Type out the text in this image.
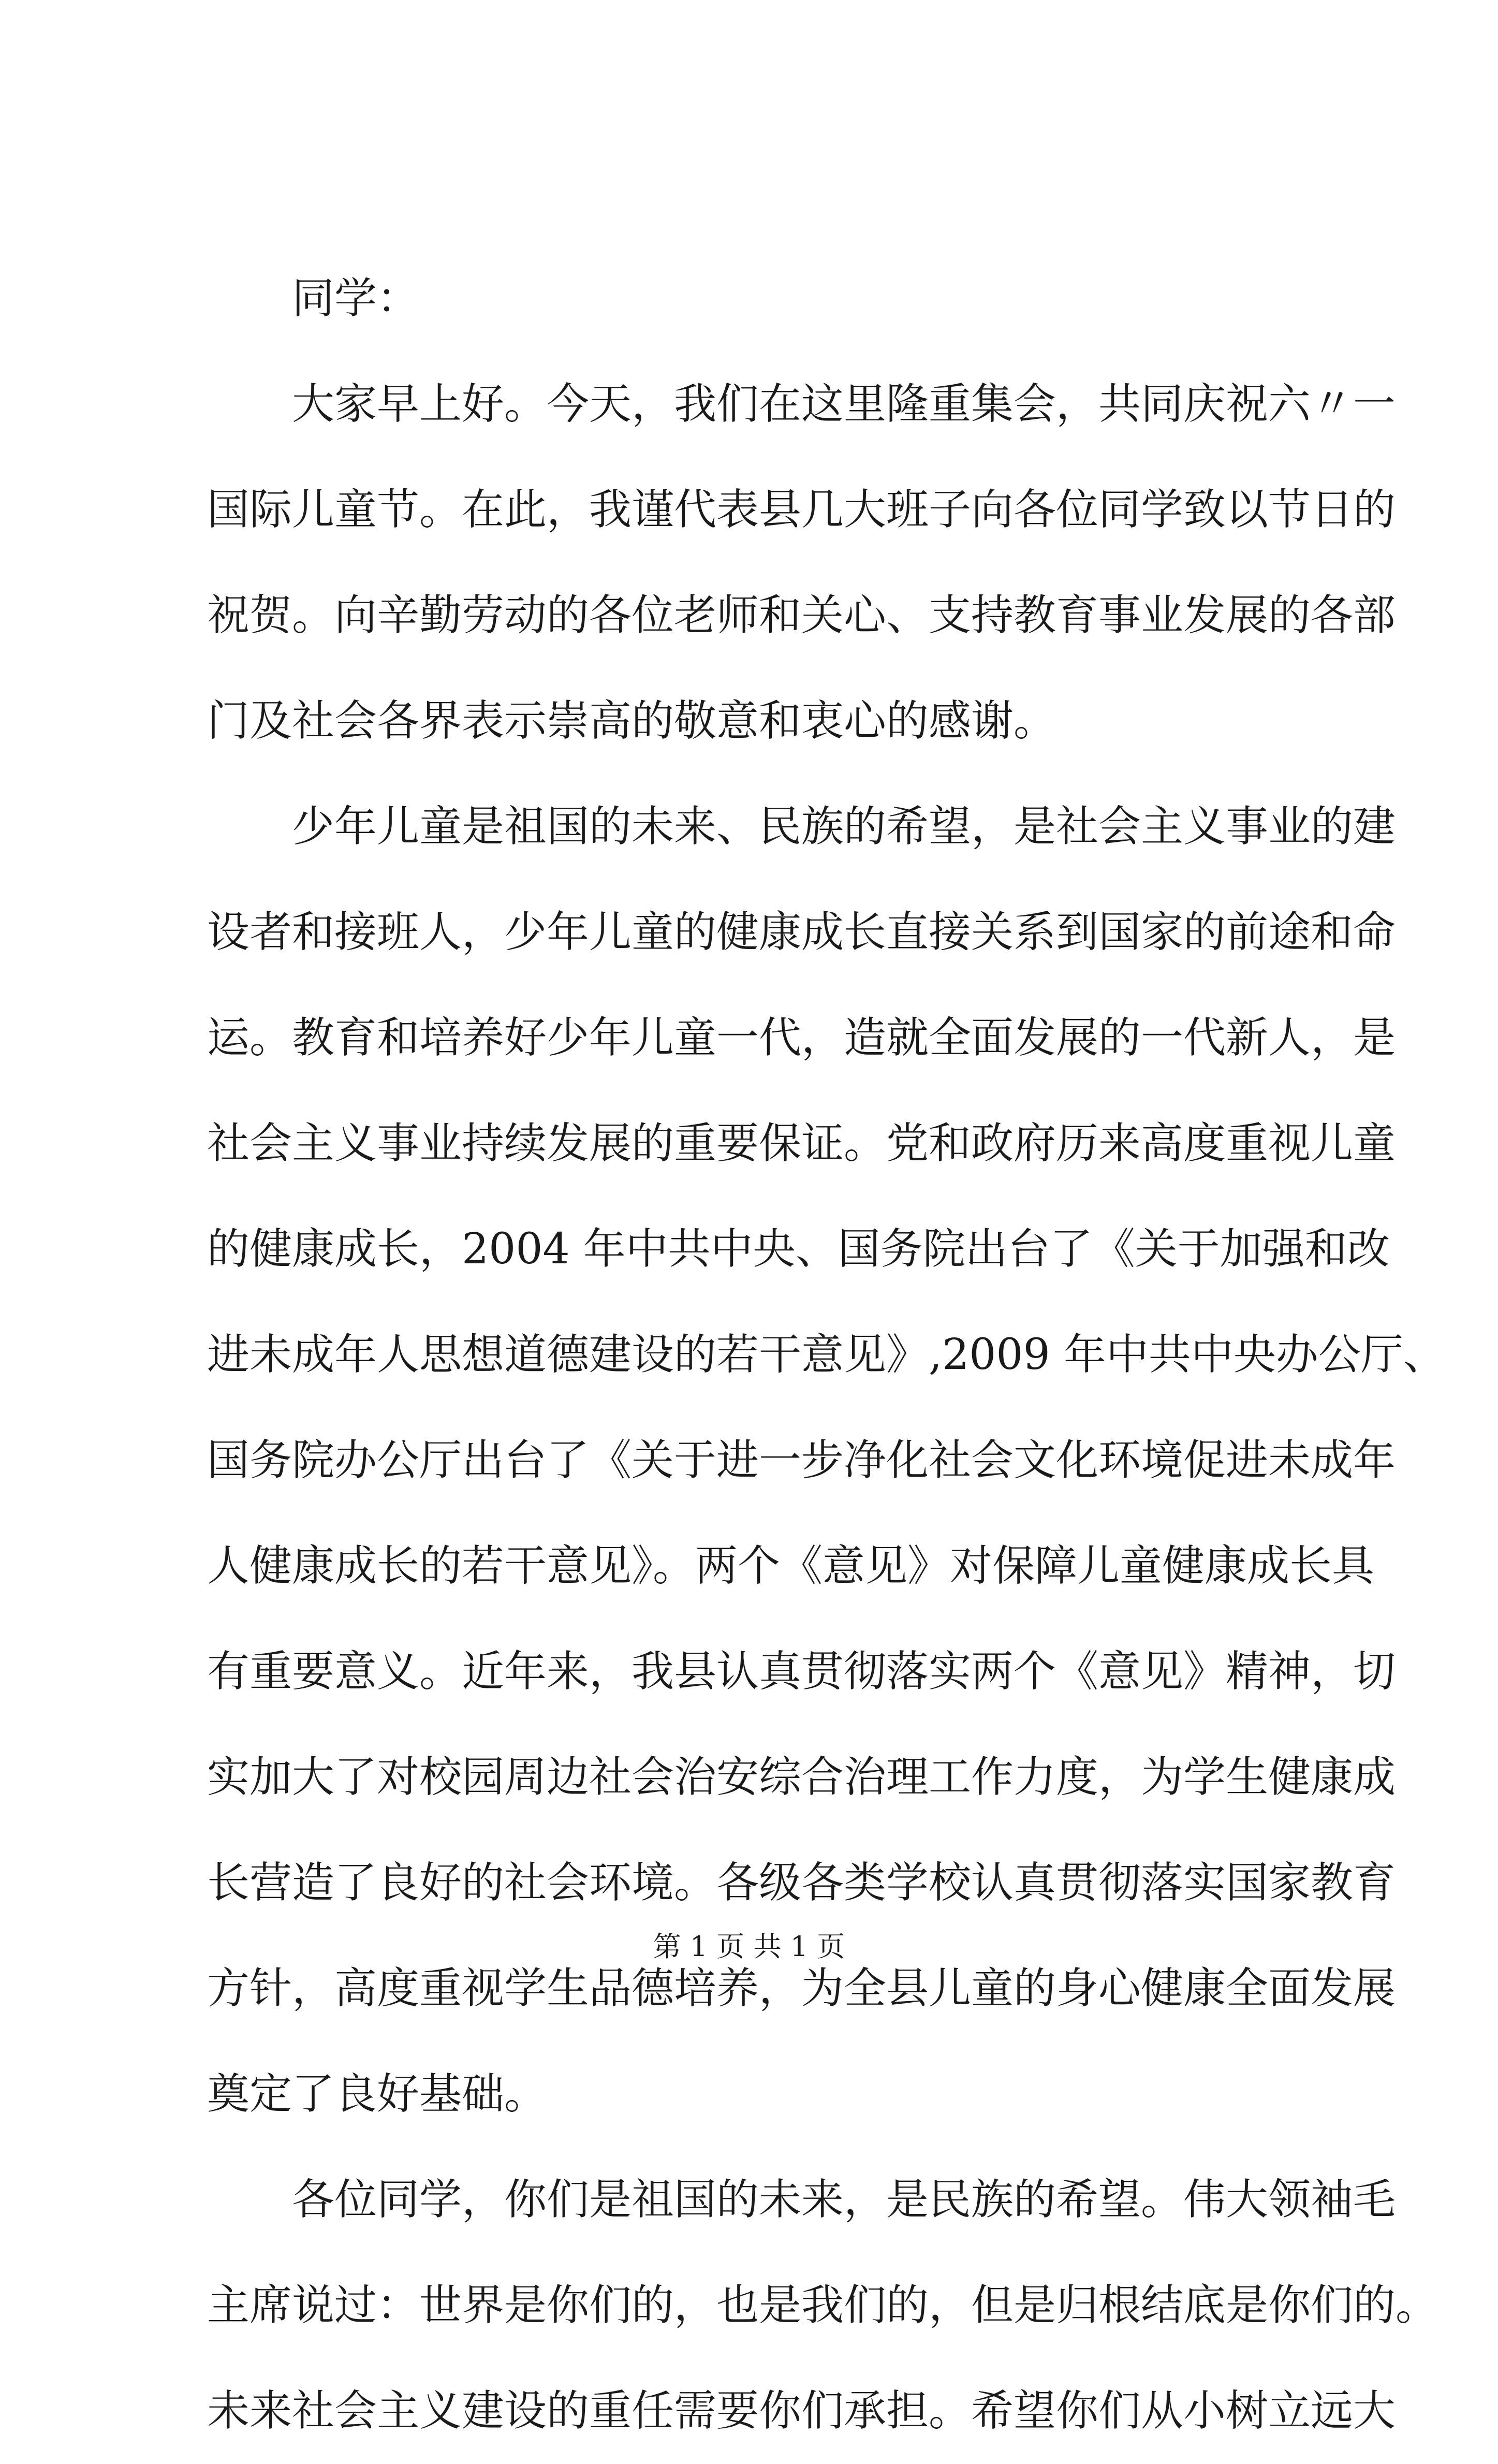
同学：
大家早上好。今天，我们在这里隆重集会，共同庆祝六〃一
国际儿童节。在此，我谨代表县几大班子向各位同学致以节日的
祝贺。向辛勤劳动的各位老师和关心、支持教育事业发展的各部
门及社会各界表示崇高的敬意和衷心的感谢。
少年儿童是祖国的未来、民族的希望，是社会主义事业的建
设者和接班人，少年儿童的健康成长直接关系到国家的前途和命
运。教育和培养好少年儿童一代，造就全面发展的一代新人，是
社会主义事业持续发展的重要保证。党和政府历来高度重视儿童
的健康成长，2004 年中共中央、国务院出台了《关于加强和改
进未成年人思想道德建设的若干意见》,2009 年中共中央办公厅、
国务院办公厅出台了《关于进一步净化社会文化环境促进未成年
人健康成长的若干意见》。两个《意见》对保障儿童健康成长具
有重要意义。近年来，我县认真贯彻落实两个《意见》精神，切
实加大了对校园周边社会治安综合治理工作力度，为学生健康成
长营造了良好的社会环境。各级各类学校认真贯彻落实国家教育
方针，高度重视学生品德培养，为全县儿童的身心健康全面发展
奠定了良好基础。
各位同学，你们是祖国的未来，是民族的希望。伟大领袖毛
主席说过：世界是你们的，也是我们的，但是归根结底是你们的。
未来社会主义建设的重任需要你们承担。希望你们从小树立远大
第 1 页 共 1 页
